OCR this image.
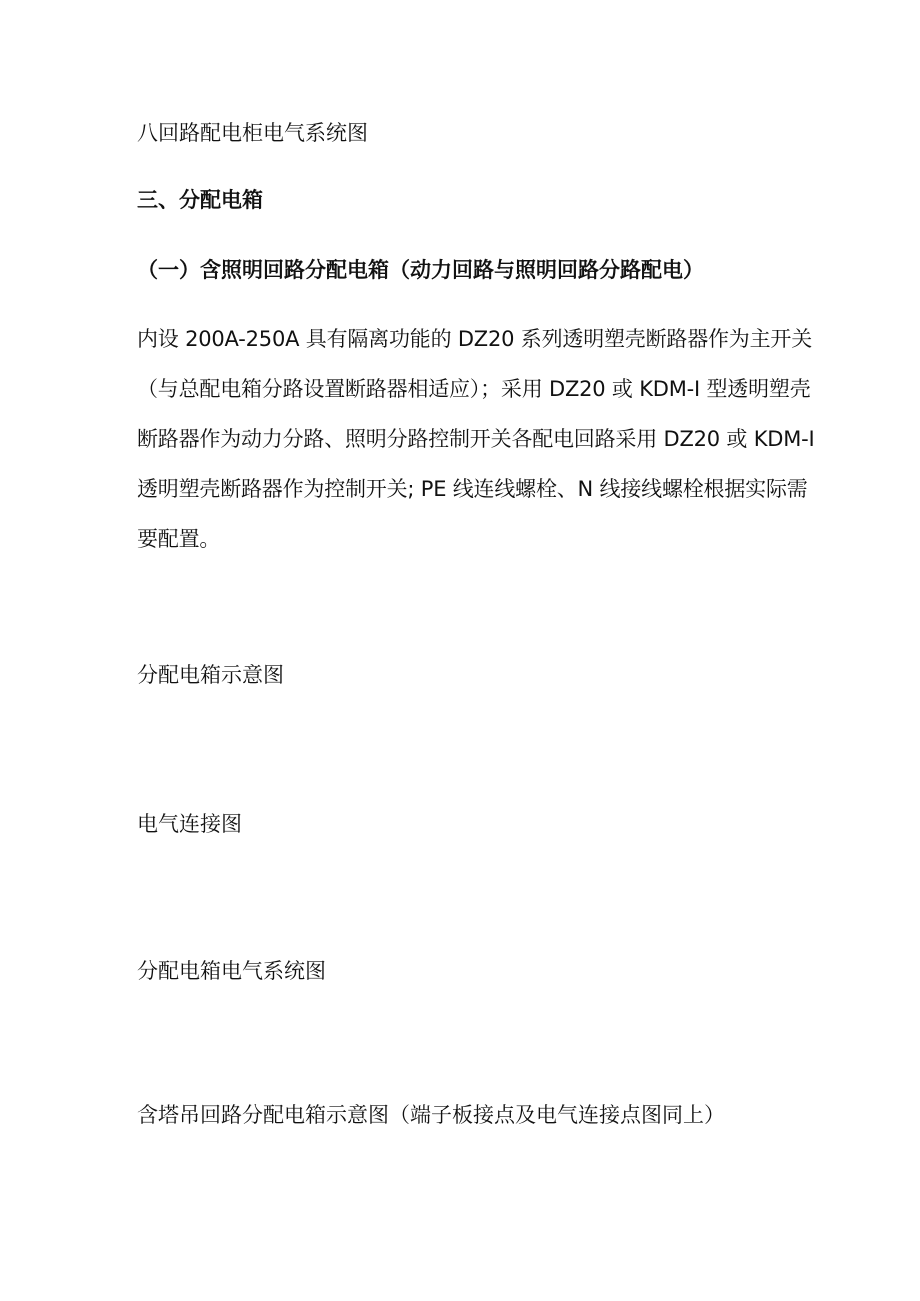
八回路配电柜电气系统图

三、分配电箱

（一）含照明回路分配电箱（动力回路与照明回路分路配电）

内设 200A-250A 具有隔离功能的 DZ20 系列透明塑壳断路器作为主开关
（与总配电箱分路设置断路器相适应）；采用 DZ20 或 KDM-I 型透明塑壳
断路器作为动力分路、照明分路控制开关各配电回路采用 DZ20 或 KDM-I
透明塑壳断路器作为控制开关; PE 线连线螺栓、N 线接线螺栓根据实际需
要配置。

分配电箱示意图

电气连接图

分配电箱电气系统图

含塔吊回路分配电箱示意图（端子板接点及电气连接点图同上）
